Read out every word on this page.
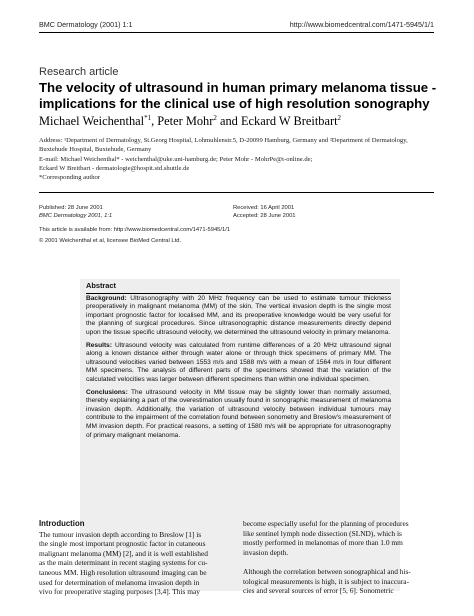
BMC Dermatology (2001) 1:1	http://www.biomedcentral.com/1471-5945/1/1
Research article
The velocity of ultrasound in human primary melanoma tissue -
implications for the clinical use of high resolution sonography
Michael Weichenthal$^{*1}$, Peter Mohr$^2$ and Eckard W Breitbart$^2$
Address: ¹Department of Dermatology, St.Georg Hospital, Lohmuhlenstr.5, D-20099 Hamburg, Germany and ²Department of Dermatology,
Buxtehude Hospital, Buxtehude, Germany
E-mail: Michael Weichenthal* - weichenthal@uke.uni-hamburg.de; Peter Mohr - MohrPe@t-online.de;
Eckard W Breitbart - dermatologie@hospit.std.shuttle.de
*Corresponding author
Published: 28 June 2001
BMC Dermatology 2001, 1:1
Received: 16 April 2001
Accepted: 28 June 2001
This article is available from: http://www.biomedcentral.com/1471-5945/1/1
© 2001 Weichenthal et al, licensee BioMed Central Ltd.
Abstract

Background: Ultrasonography with 20 MHz frequency can be used to estimate tumour thickness preoperatively in malignant melanoma (MM) of the skin. The vertical invasion depth is the single most important prognostic factor for localised MM, and its preoperative knowledge would be very useful for the planning of surgical procedures. Since ultrasonographic distance measurements directly depend upon the tissue specific ultrasound velocity, we determined the ultrasound velocity in primary melanoma.

Results: Ultrasound velocity was calculated from runtime differences of a 20 MHz ultrasound signal along a known distance either through water alone or through thick specimens of primary MM. The ultrasound velocities varied between 1553 m/s and 1588 m/s with a mean of 1564 m/s in four different MM specimens. The analysis of different parts of the specimens showed that the variation of the calculated velocities was larger between different specimens than within one individual specimen.

Conclusions: The ultrasound velocity in MM tissue may be slightly lower than normally assumed, thereby explaining a part of the overestimation usually found in sonographic measurement of melanoma invasion depth. Additionally, the variation of ultrasound velocity between individual tumours may contribute to the impairment of the correlation found between sonometry and Breslow's measurement of MM invasion depth. For practical reasons, a setting of 1580 m/s will be appropriate for ultrasonography of primary malignant melanoma.

Introduction
The tumour invasion depth according to Breslow [1] is
the single most important prognostic factor in cutaneous
malignant melanoma (MM) [2], and it is well established
as the main determinant in recent staging systems for cu-
taneous MM. High resolution ultrasound imaging can be
used for determination of melanoma invasion depth in
vivo for preoperative staging purposes [3,4]. This may
become especially useful for the planning of procedures
like sentinel lymph node dissection (SLND), which is
mostly performed in melanomas of more than 1.0 mm
invasion depth.
Although the correlation between sonographical and his-
tological measurements is high, it is subject to inaccura-
cies and several sources of error [5, 6]. Sonometric
